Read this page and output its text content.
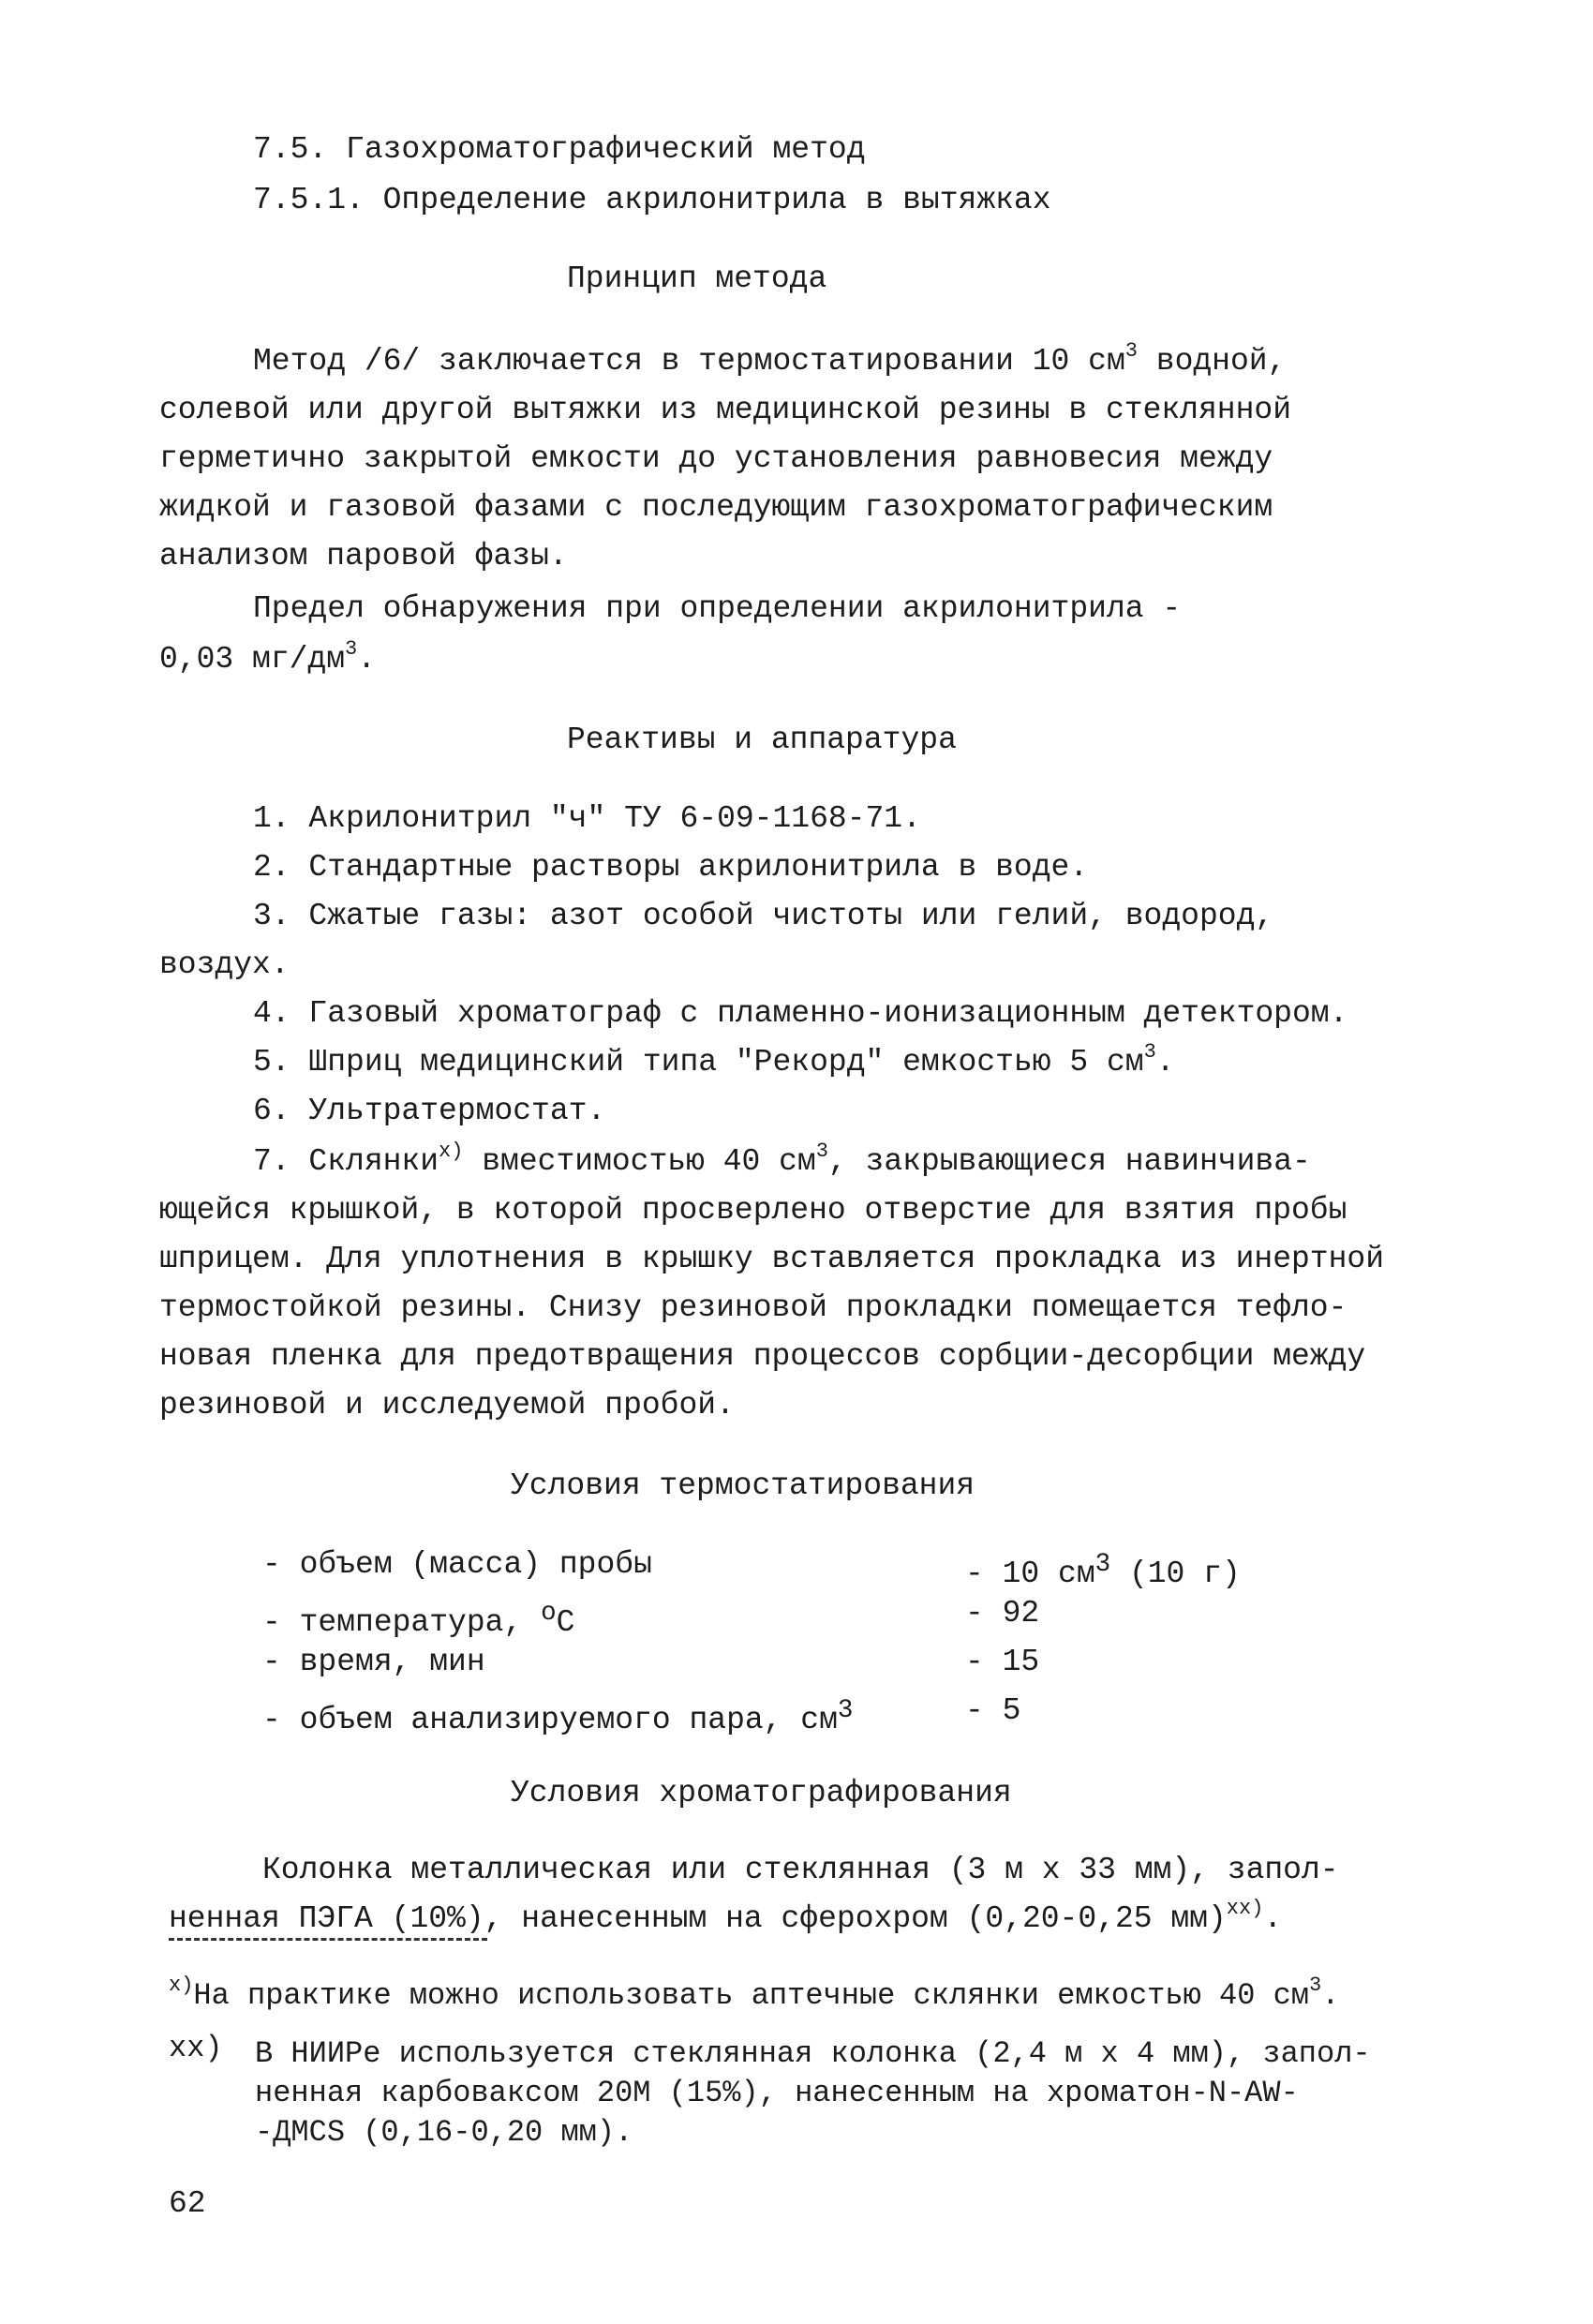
7.5. Газохроматографический метод
7.5.1. Определение акрилонитрила в вытяжках
Принцип метода
Метод /6/ заключается в термостатировании 10 $см^3$ водной,
солевой или другой вытяжки из медицинской резины в стеклянной
герметично закрытой емкости до установления равновесия между
жидкой и газовой фазами с последующим газохроматографическим
анализом паровой фазы.
Предел обнаружения при определении акрилонитрила -
0,03 $мг/дм^3$.
Реактивы и аппаратура
1. Акрилонитрил "ч" ТУ 6-09-1168-71.
2. Стандартные растворы акрилонитрила в воде.
3. Сжатые газы: азот особой чистоты или гелий, водород,
воздух.
4. Газовый хроматограф с пламенно-ионизационным детектором.
5. Шприц медицинский типа "Рекорд" емкостью 5 $см^3$.
6. Ультратермостат.
7. Склянки$^{x)}$ вместимостью 40 $см^3$, закрывающиеся навинчива-
ющейся крышкой, в которой просверлено отверстие для взятия пробы
шприцем. Для уплотнения в крышку вставляется прокладка из инертной
термостойкой резины. Снизу резиновой прокладки помещается тефло-
новая пленка для предотвращения процессов сорбции-десорбции между
резиновой и исследуемой пробой.
Условия термостатирования
- объем (масса) пробы	- 10 $см^3$ (10 г)
- температура, $^о$С	- 92
- время, мин	- 15
- объем анализируемого пара, $см^3$	- 5
Условия хроматографирования
Колонка металлическая или стеклянная (3 м x 33 мм), запол-
ненная ПЭГА (10%), нанесенным на сферохром (0,20-0,25 мм)$^{xx)}$.
$^{x)}$На практике можно использовать аптечные склянки емкостью 40 $см^3$.
xx) В НИИРе используется стеклянная колонка (2,4 м x 4 мм), запол-
ненная карбоваксом 20М (15%), нанесенным на хроматон-N-AW-
-ДМСS (0,16-0,20 мм).
62
